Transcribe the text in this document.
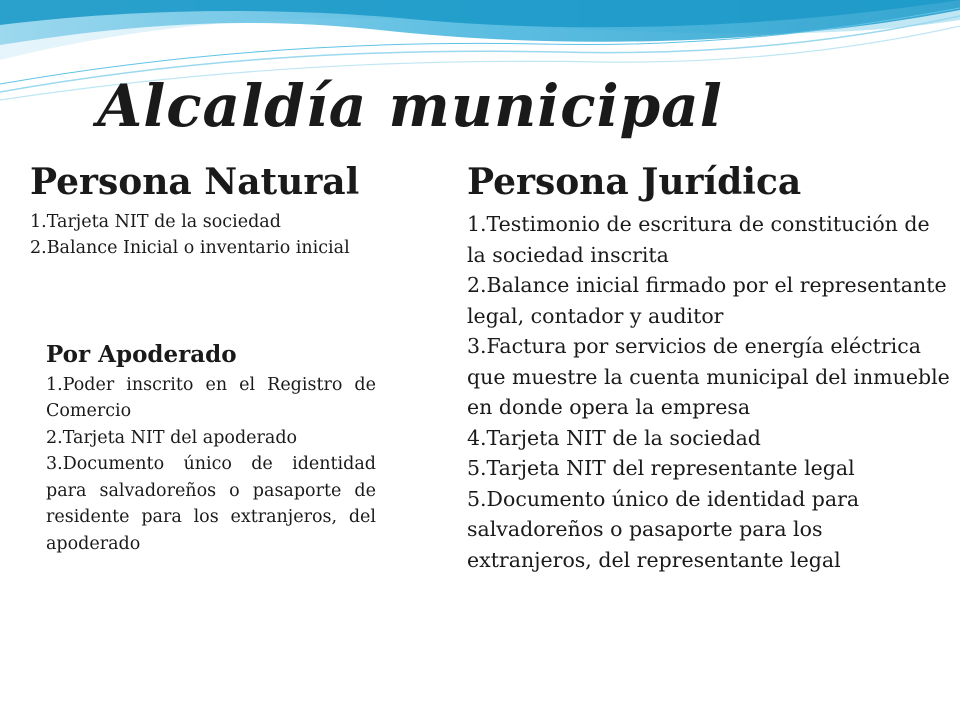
Alcaldía municipal
Persona Natural
1.Tarjeta NIT de la sociedad
2.Balance Inicial o inventario inicial
Por Apoderado
1.Poder inscrito en el Registro de Comercio
2.Tarjeta NIT del apoderado
3.Documento único de identidad para salvadoreños o pasaporte de residente para los extranjeros, del apoderado
Persona Jurídica
1.Testimonio de escritura de constitución de la sociedad inscrita
2.Balance inicial firmado por el representante legal, contador y auditor
3.Factura por servicios de energía eléctrica que muestre la cuenta municipal del inmueble en donde opera la empresa
4.Tarjeta NIT de la sociedad
5.Tarjeta NIT del representante legal
5.Documento único de identidad para salvadoreños o pasaporte para los extranjeros, del representante legal
